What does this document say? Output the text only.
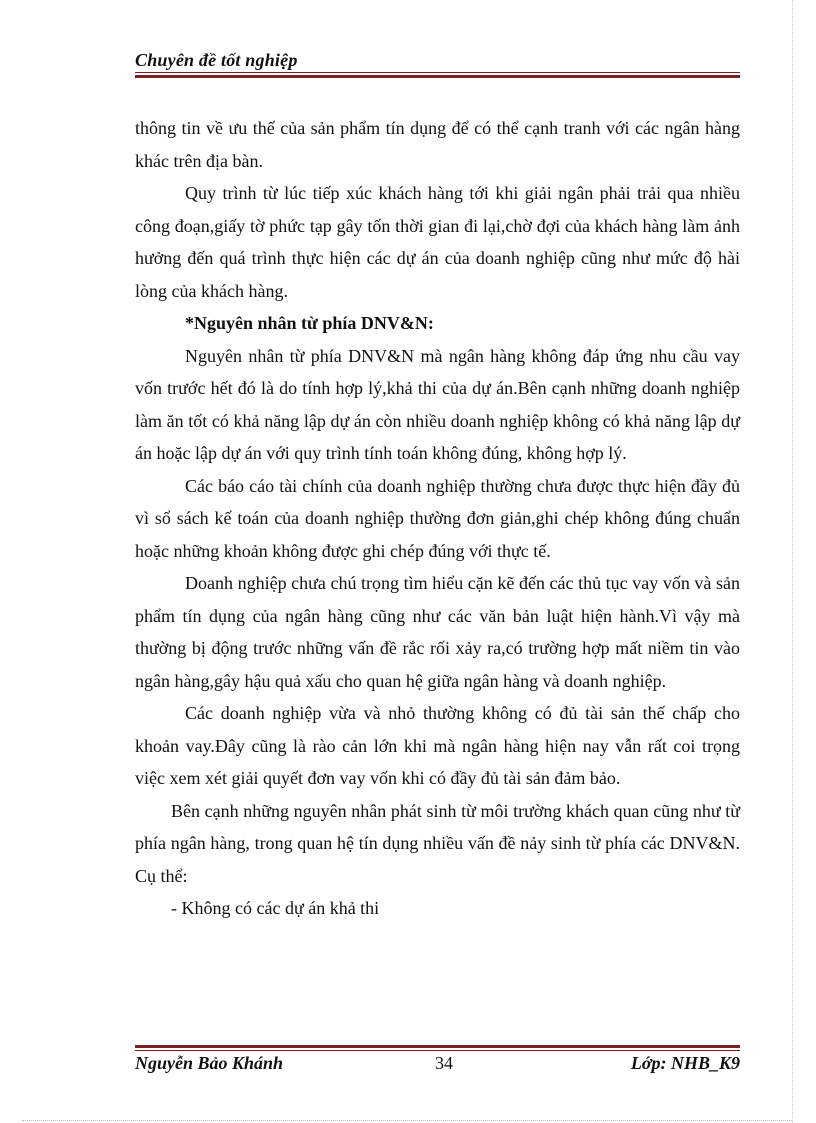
Chuyên đề tốt nghiệp

thông tin về ưu thế của sản phẩm tín dụng để có thể cạnh tranh với các ngân hàng khác trên địa bàn.

Quy trình từ lúc tiếp xúc khách hàng tới khi giải ngân phải trải qua nhiều công đoạn,giấy tờ phức tạp gây tốn thời gian đi lại,chờ đợi của khách hàng làm ảnh hưởng đến quá trình thực hiện các dự án của doanh nghiệp cũng như mức độ hài lòng của khách hàng.

*Nguyên nhân từ phía DNV&N:

Nguyên nhân từ phía DNV&N mà ngân hàng không đáp ứng nhu cầu vay vốn trước hết đó là do tính hợp lý,khả thi của dự án.Bên cạnh những doanh nghiệp làm ăn tốt có khả năng lập dự án còn nhiều doanh nghiệp không có khả năng lập dự án hoặc lập dự án với quy trình tính toán không đúng, không hợp lý.

Các báo cáo tài chính của doanh nghiệp thường chưa được thực hiện đầy đủ vì sổ sách kế toán của doanh nghiệp thường đơn giản,ghi chép không đúng chuẩn hoặc những khoản không được ghi chép đúng với thực tế.

Doanh nghiệp chưa chú trọng tìm hiểu cặn kẽ đến các thủ tục vay vốn và sản phẩm tín dụng của ngân hàng cũng như các văn bản luật hiện hành.Vì vậy mà thường bị động trước những vấn đề rắc rối xảy ra,có trường hợp mất niềm tin vào ngân hàng,gây hậu quả xấu cho quan hệ giữa ngân hàng và doanh nghiệp.

Các doanh nghiệp vừa và nhỏ thường không có đủ tài sản thế chấp cho khoản vay.Đây cũng là rào cản lớn khi mà ngân hàng hiện nay vẫn rất coi trọng việc xem xét giải quyết đơn vay vốn khi có đầy đủ tài sản đảm bảo.

Bên cạnh những nguyên nhân phát sinh từ môi trường khách quan cũng như từ phía ngân hàng, trong quan hệ tín dụng nhiều vấn đề nảy sinh từ phía các DNV&N. Cụ thể:

- Không có các dự án khả thi

Nguyễn Bảo Khánh	34	Lớp: NHB_K9
